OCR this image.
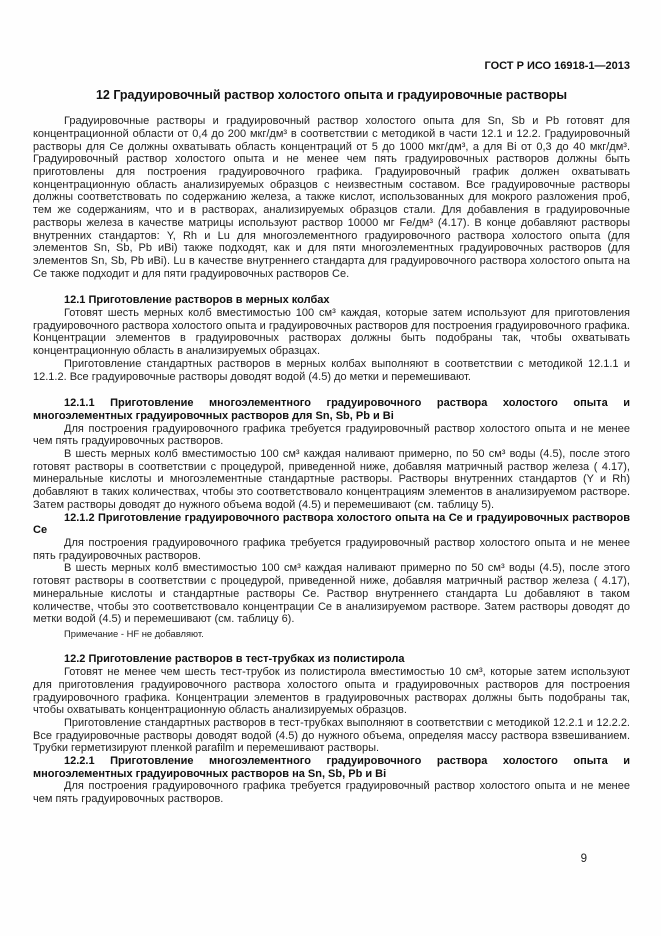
ГОСТ Р ИСО 16918-1—2013
12 Градуировочный раствор холостого опыта и градуировочные растворы

Градуировочные растворы и градуировочный раствор холостого опыта для Sn, Sb и Pb готовят для концентрационной области от 0,4 до 200 мкг/дм³ в соответствии с методикой в части 12.1 и 12.2. Градуировочный растворы для Ce должны охватывать область концентраций от 5 до 1000 мкг/дм³, а для Bi от 0,3 до 40 мкг/дм³. Градуировочный раствор холостого опыта и не менее чем пять градуировочных растворов должны быть приготовлены для построения градуировочного графика. Градуировочный график должен охватывать концентрационную область анализируемых образцов с неизвестным составом. Все градуировочные растворы должны соответствовать по содержанию железа, а также кислот, использованных для мокрого разложения проб, тем же содержаниям, что и в растворах, анализируемых образцов стали. Для добавления в градуировочные растворы железа в качестве матрицы используют раствор 10000 мг Fe/дм³ (4.17). В конце добавляют растворы внутренних стандартов: Y, Rh и Lu для многоэлементного градуировочного раствора холостого опыта (для элементов Sn, Sb, Pb иBi) также подходят, как и для пяти многоэлементных градуировочных растворов (для элементов Sn, Sb, Pb иBi). Lu в качестве внутреннего стандарта для градуировочного раствора холостого опыта на Ce также подходит и для пяти градуировочных растворов Ce.

12.1 Приготовление растворов в мерных колбах

Готовят шесть мерных колб вместимостью 100 см³ каждая, которые затем используют для приготовления градуировочного раствора холостого опыта и градуировочных растворов для построения градуировочного графика. Концентрации элементов в градуировочных растворах должны быть подобраны так, чтобы охватывать концентрационную область в анализируемых образцах.

Приготовление стандартных растворов в мерных колбах выполняют в соответствии с методикой 12.1.1 и 12.1.2. Все градуировочные растворы доводят водой (4.5) до метки и перемешивают.

12.1.1 Приготовление многоэлементного градуировочного раствора холостого опыта и многоэлементных градуировочных растворов для Sn, Sb, Pb и Bi

Для построения градуировочного графика требуется градуировочный раствор холостого опыта и не менее чем пять градуировочных растворов.

В шесть мерных колб вместимостью 100 см³ каждая наливают примерно, по 50 см³ воды (4.5), после этого готовят растворы в соответствии с процедурой, приведенной ниже, добавляя матричный раствор железа ( 4.17), минеральные кислоты и многоэлементные стандартные растворы. Растворы внутренних стандартов (Y и Rh) добавляют в таких количествах, чтобы это соответствовало концентрациям элементов в анализируемом растворе. Затем растворы доводят до нужного объема водой (4.5) и перемешивают (см. таблицу 5).

12.1.2 Приготовление градуировочного раствора холостого опыта на Ce и градуировочных растворов Ce

Для построения градуировочного графика требуется градуировочный раствор холостого опыта и не менее пять градуировочных растворов.

В шесть мерных колб вместимостью 100 см³ каждая наливают примерно по 50 см³ воды (4.5), после этого готовят растворы в соответствии с процедурой, приведенной ниже, добавляя матричный раствор железа ( 4.17), минеральные кислоты и стандартные растворы Ce. Раствор внутреннего стандарта Lu добавляют в таком количестве, чтобы это соответствовало концентрации Ce в анализируемом растворе. Затем растворы доводят до метки водой (4.5) и перемешивают (см. таблицу 6).

Примечание - HF не добавляют.

12.2 Приготовление растворов в тест-трубках из полистирола

Готовят не менее чем шесть тест-трубок из полистирола вместимостью 10 см³, которые затем используют для приготовления градуировочного раствора холостого опыта и градуировочных растворов для построения градуировочного графика. Концентрации элементов в градуировочных растворах должны быть подобраны так, чтобы охватывать концентрационную область анализируемых образцов.

Приготовление стандартных растворов в тест-трубках выполняют в соответствии с методикой 12.2.1 и 12.2.2. Все градуировочные растворы доводят водой (4.5) до нужного объема, определяя массу раствора взвешиванием. Трубки герметизируют пленкой parafilm и перемешивают растворы.

12.2.1 Приготовление многоэлементного градуировочного раствора холостого опыта и многоэлементных градуировочных растворов на Sn, Sb, Pb и Bi

Для построения градуировочного графика требуется градуировочный раствор холостого опыта и не менее чем пять градуировочных растворов.

9
